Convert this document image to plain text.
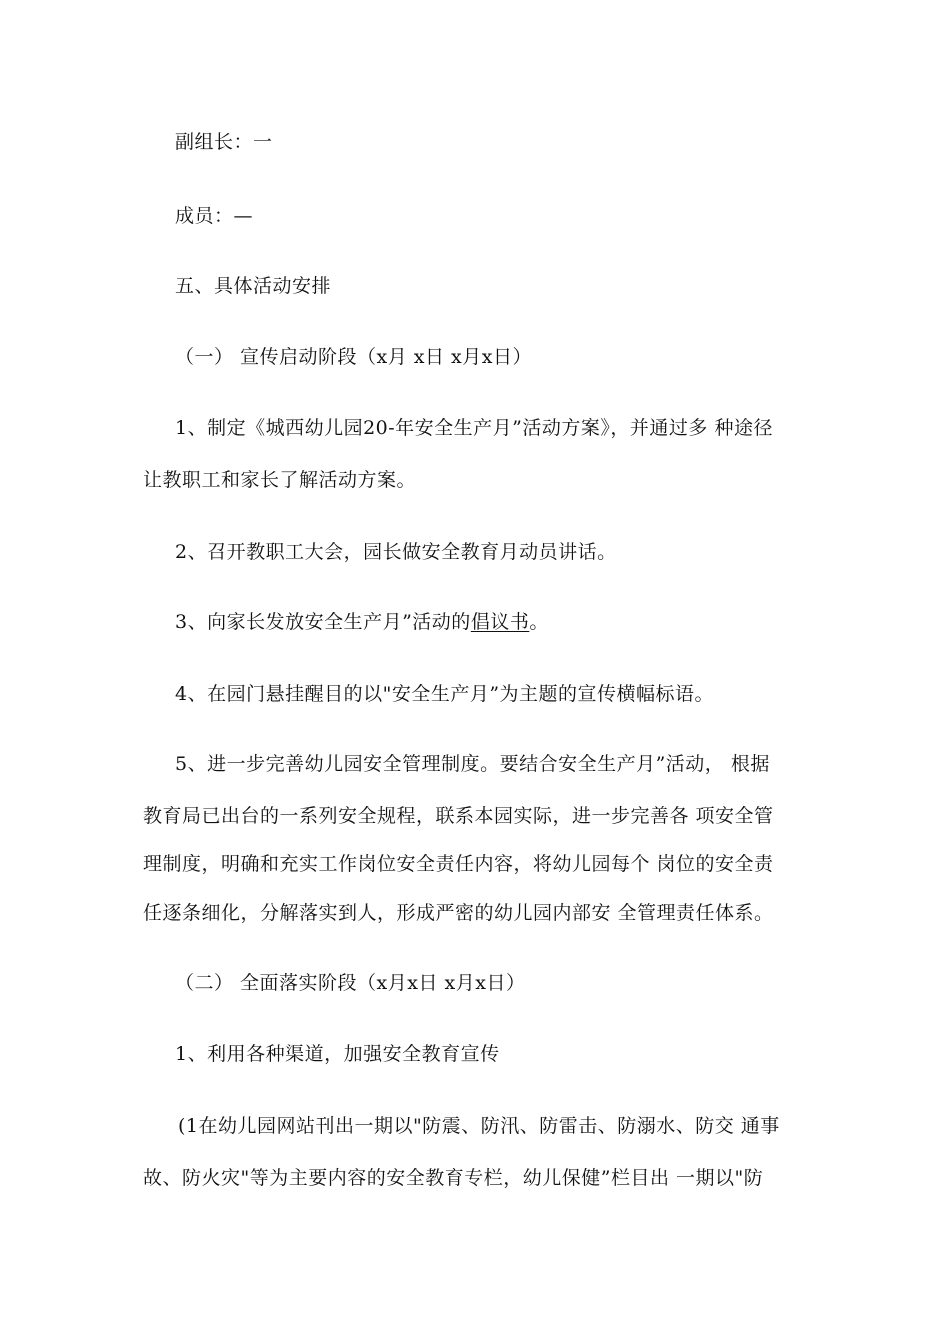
副组长：一
成员：—
五、具体活动安排
（一） 宣传启动阶段（x月 x日 x月x日）
1、制定《城西幼儿园20-年安全生产月”活动方案》，并通过多 种途径
让教职工和家长了解活动方案。
2、召开教职工大会，园长做安全教育月动员讲话。
3、向家长发放安全生产月”活动的倡议书。
4、在园门悬挂醒目的以"安全生产月”为主题的宣传横幅标语。
5、进一步完善幼儿园安全管理制度。要结合安全生产月”活动， 根据
教育局已出台的一系列安全规程，联系本园实际，进一步完善各 项安全管
理制度，明确和充实工作岗位安全责任内容，将幼儿园每个 岗位的安全责
任逐条细化，分解落实到人，形成严密的幼儿园内部安 全管理责任体系。
（二） 全面落实阶段（x月x日 x月x日）
1、利用各种渠道，加强安全教育宣传
(1在幼儿园网站刊出一期以"防震、防汛、防雷击、防溺水、防交 通事
故、防火灾"等为主要内容的安全教育专栏，幼儿保健”栏目出 一期以"防
